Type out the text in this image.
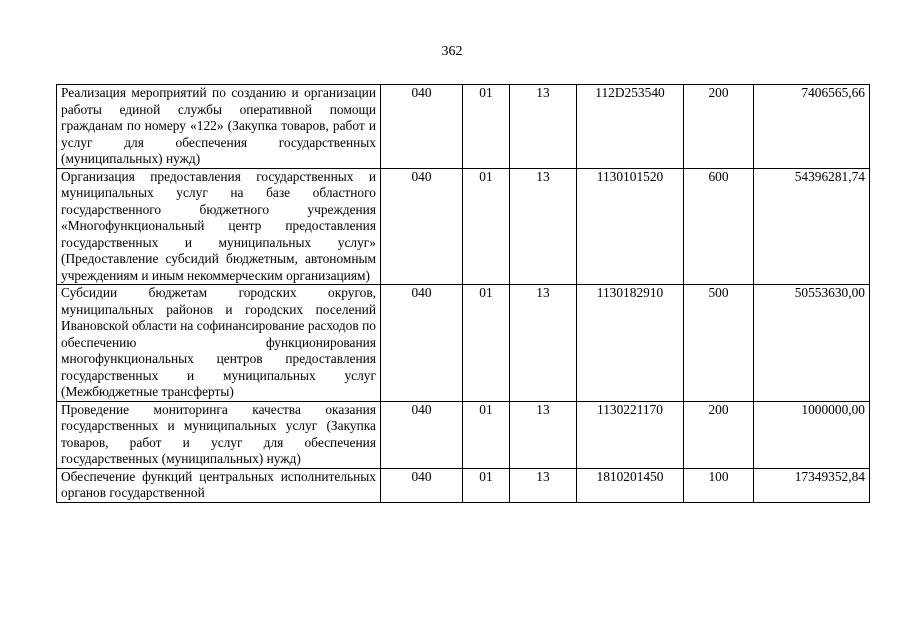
362
Реализация мероприятий по созданию и организации работы единой службы оперативной помощи гражданам по номеру «122» (Закупка товаров, работ и услуг для обеспечения государственных (муниципальных) нужд)	040	01	13	112D253540	200	7406565,66
Организация предоставления государственных и муниципальных услуг на базе областного государственного бюджетного учреждения «Многофункциональный центр предоставления государственных и муниципальных услуг» (Предоставление субсидий бюджетным, автономным учреждениям и иным некоммерческим организациям)	040	01	13	1130101520	600	54396281,74
Субсидии бюджетам городских округов, муниципальных районов и городских поселений Ивановской области на софинансирование расходов по обеспечению функционирования многофункциональных центров предоставления государственных и муниципальных услуг (Межбюджетные трансферты)	040	01	13	1130182910	500	50553630,00
Проведение мониторинга качества оказания государственных и муниципальных услуг (Закупка товаров, работ и услуг для обеспечения государственных (муниципальных) нужд)	040	01	13	1130221170	200	1000000,00
Обеспечение функций центральных исполнительных органов государственной	040	01	13	1810201450	100	17349352,84
